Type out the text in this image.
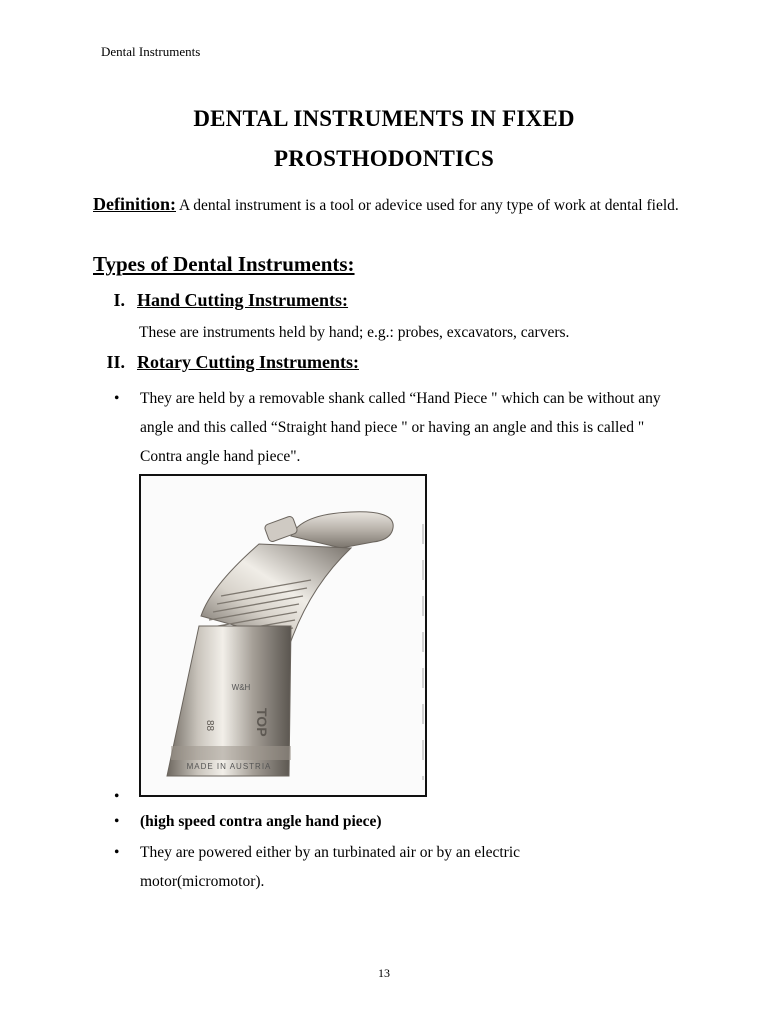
Dental Instruments
DENTAL INSTRUMENTS IN FIXED
PROSTHODONTICS
Definition: A dental instrument is a tool or adevice used for any type of work at dental field.
Types of Dental Instruments:
I. Hand Cutting Instruments:
These are instruments held by hand; e.g.: probes, excavators, carvers.
II. Rotary Cutting Instruments:
•	They are held by a removable shank called “Hand Piece " which can be without any angle and this called “Straight hand piece " or having an angle and this is called " Contra angle hand piece".
W&H
TOP
88
MADE IN AUSTRIA
•
•	(high speed contra angle hand piece)
•	They are powered either by an turbinated air or by an electric motor(micromotor).
13
